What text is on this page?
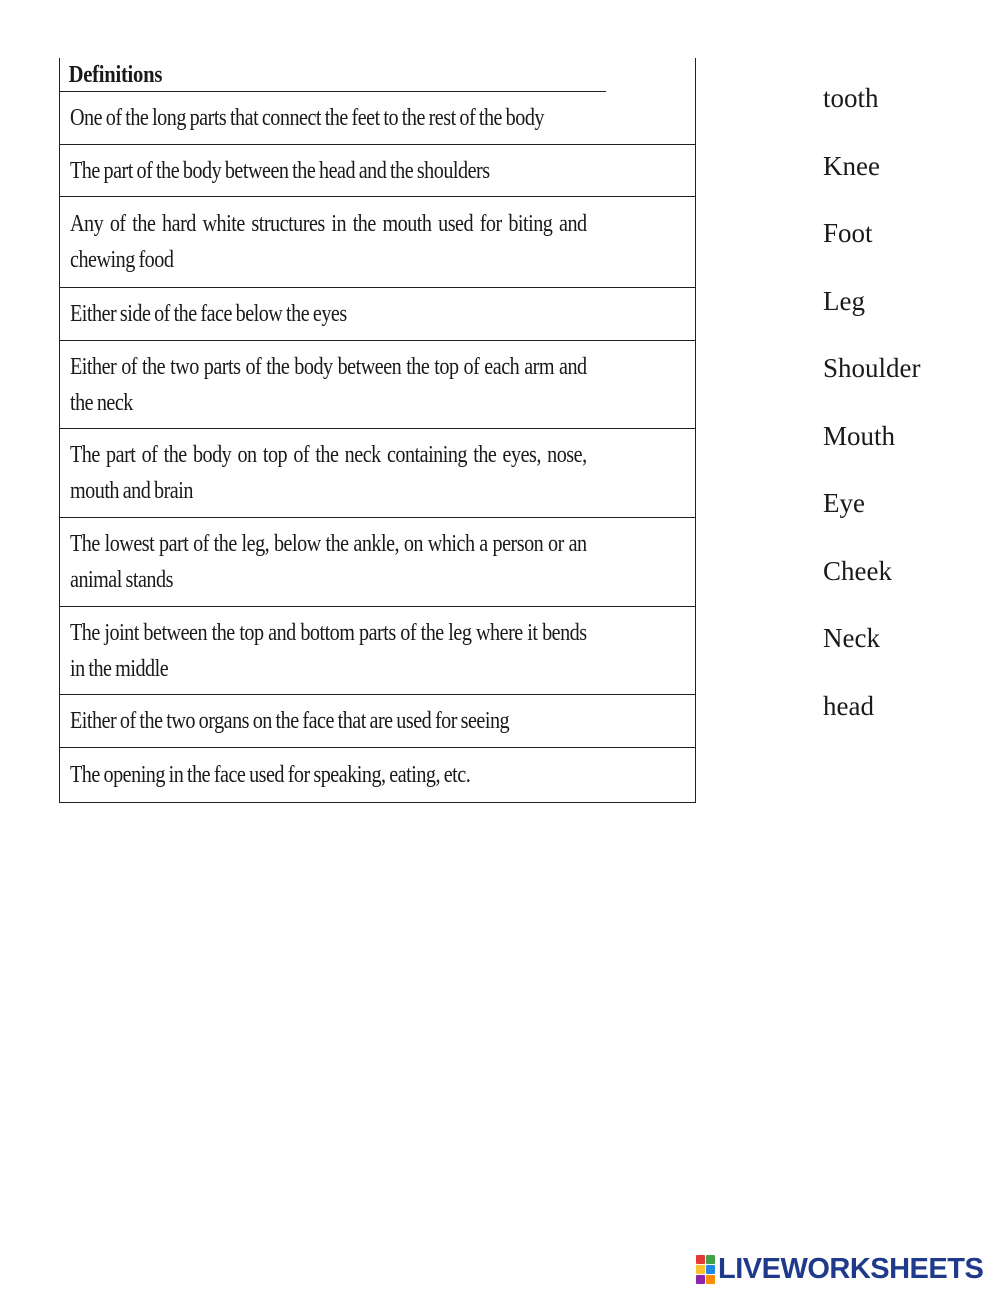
Definitions
One of the long parts that connect the feet to the rest of the body
The part of the body between the head and the shoulders
Any of the hard white structures in the mouth used for biting and chewing food
Either side of the face below the eyes
Either of the two parts of the body between the top of each arm and the neck
The part of the body on top of the neck containing the eyes, nose, mouth and brain
The lowest part of the leg, below the ankle, on which a person or an animal stands
The joint between the top and bottom parts of the leg where it bends in the middle
Either of the two organs on the face that are used for seeing
The opening in the face used for speaking, eating, etc.
tooth
Knee
Foot
Leg
Shoulder
Mouth
Eye
Cheek
Neck
head
LIVEWORKSHEETS
